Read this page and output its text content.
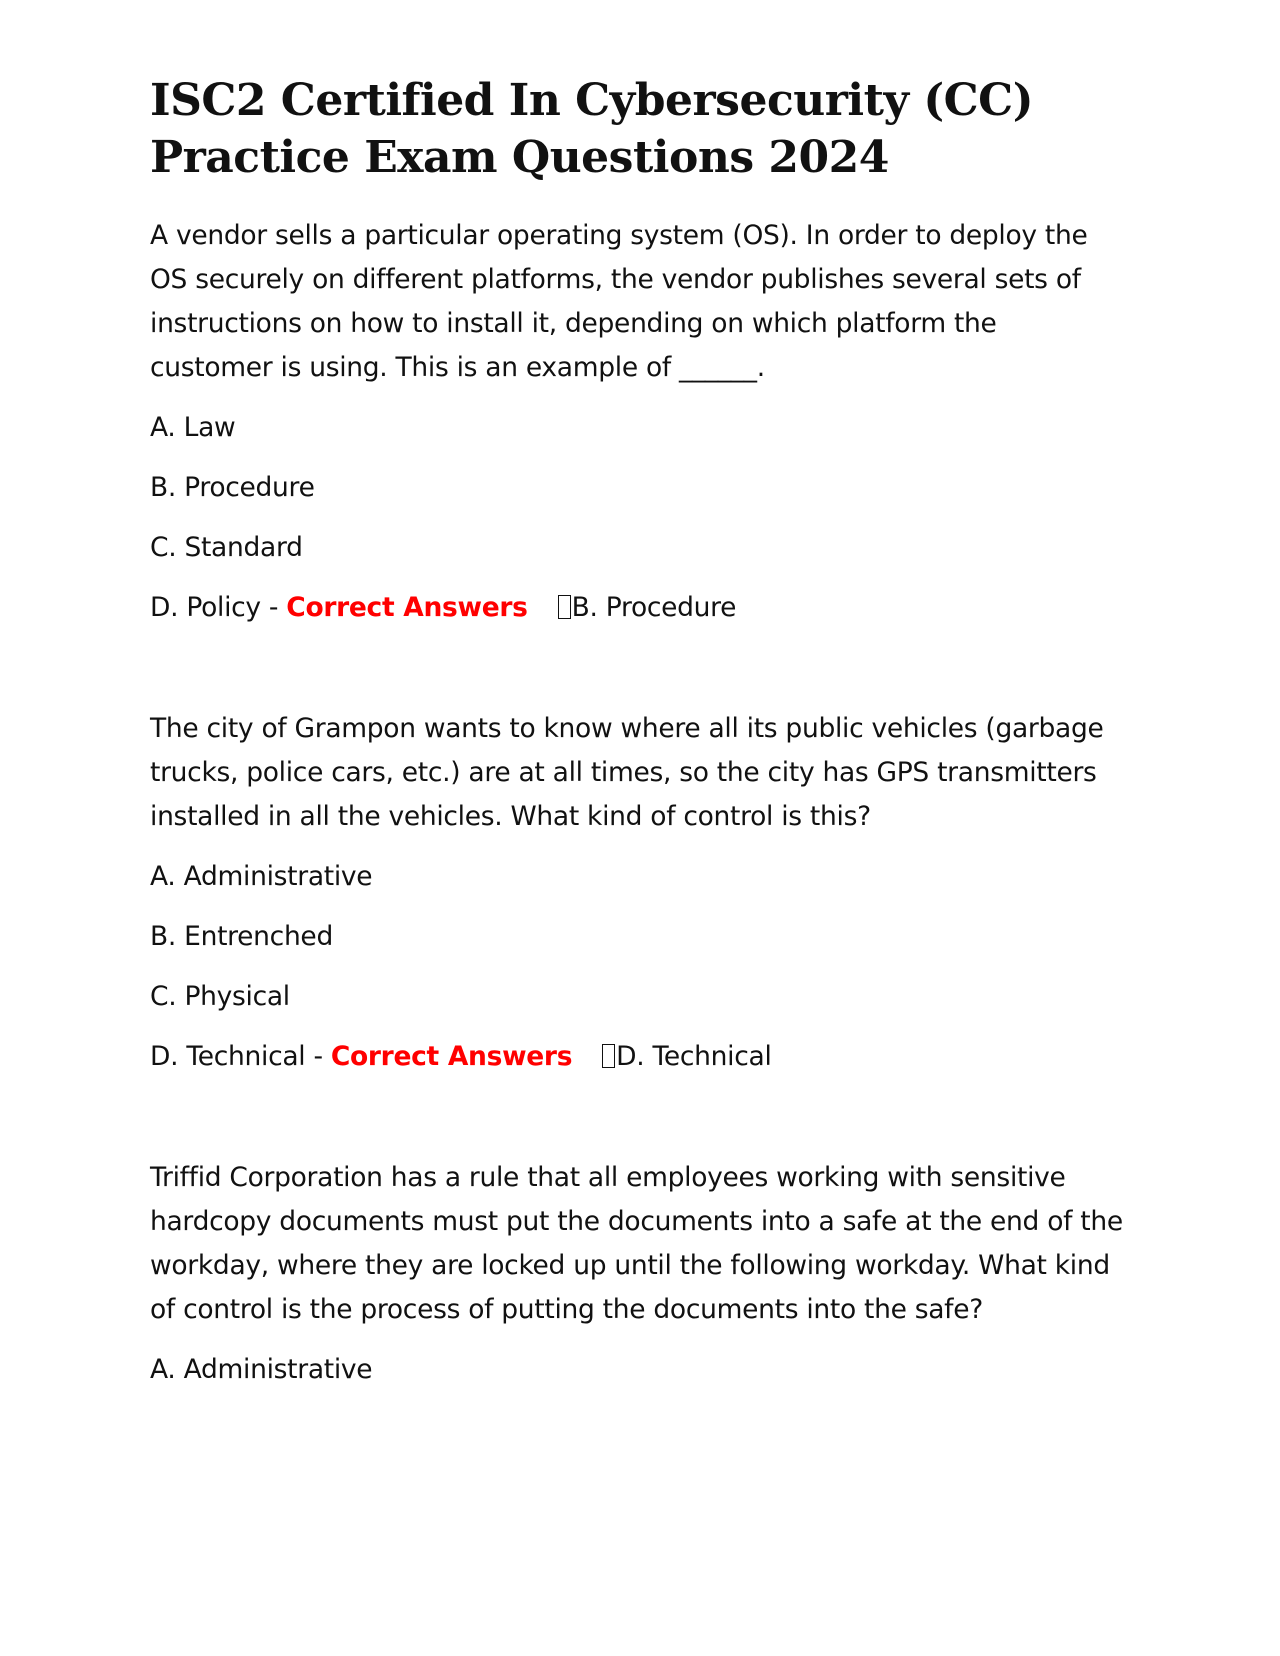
ISC2 Certified In Cybersecurity (CC)
Practice Exam Questions 2024

A vendor sells a particular operating system (OS). In order to deploy the OS securely on different platforms, the vendor publishes several sets of instructions on how to install it, depending on which platform the customer is using. This is an example of ______.

A. Law

B. Procedure

C. Standard

D. Policy - Correct Answers B. Procedure

The city of Grampon wants to know where all its public vehicles (garbage trucks, police cars, etc.) are at all times, so the city has GPS transmitters installed in all the vehicles. What kind of control is this?

A. Administrative

B. Entrenched

C. Physical

D. Technical - Correct Answers D. Technical

Triffid Corporation has a rule that all employees working with sensitive hardcopy documents must put the documents into a safe at the end of the workday, where they are locked up until the following workday. What kind of control is the process of putting the documents into the safe?

A. Administrative
